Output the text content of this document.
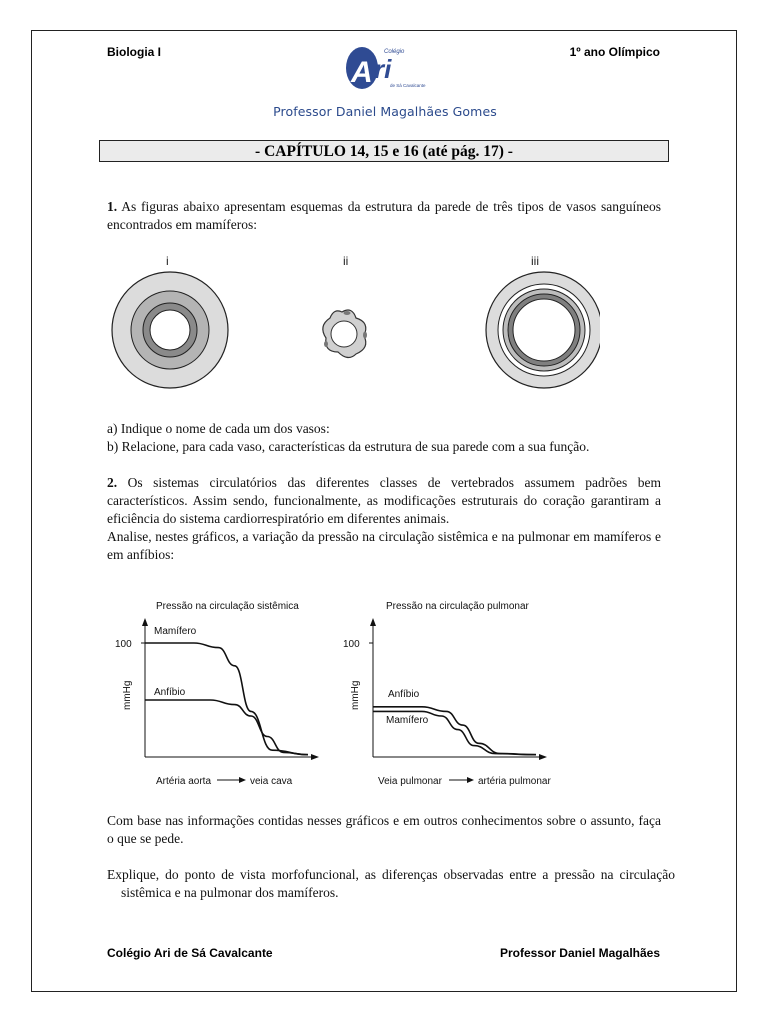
Biologia I	1º ano Olímpico
A
Colégio
ri
de Sá Cavalcante
Professor Daniel Magalhães Gomes
- CAPÍTULO 14, 15 e 16 (até pág. 17) -
1. As figuras abaixo apresentam esquemas da estrutura da parede de três tipos de vasos sanguíneos encontrados em mamíferos:
i	ii	iii
a) Indique o nome de cada um dos vasos:
b) Relacione, para cada vaso, características da estrutura de sua parede com a sua função.
2. Os sistemas circulatórios das diferentes classes de vertebrados assumem padrões bem característicos. Assim sendo, funcionalmente, as modificações estruturais do coração garantiram a eficiência do sistema cardiorrespiratório em diferentes animais.
Analise, nestes gráficos, a variação da pressão na circulação sistêmica e na pulmonar em mamíferos e em anfíbios:
Pressão na circulação sistêmica
100
mmHg
Mamífero
Anfíbio
Artéria aorta	veia cava
Pressão na circulação pulmonar
100
mmHg	Anfíbio
Mamífero
Veia pulmonar	artéria pulmonar
Com base nas informações contidas nesses gráficos e em outros conhecimentos sobre o assunto, faça o que se pede.
Explique, do ponto de vista morfofuncional, as diferenças observadas entre a pressão na circulação sistêmica e na pulmonar dos mamíferos.
Colégio Ari de Sá Cavalcante	Professor Daniel Magalhães
